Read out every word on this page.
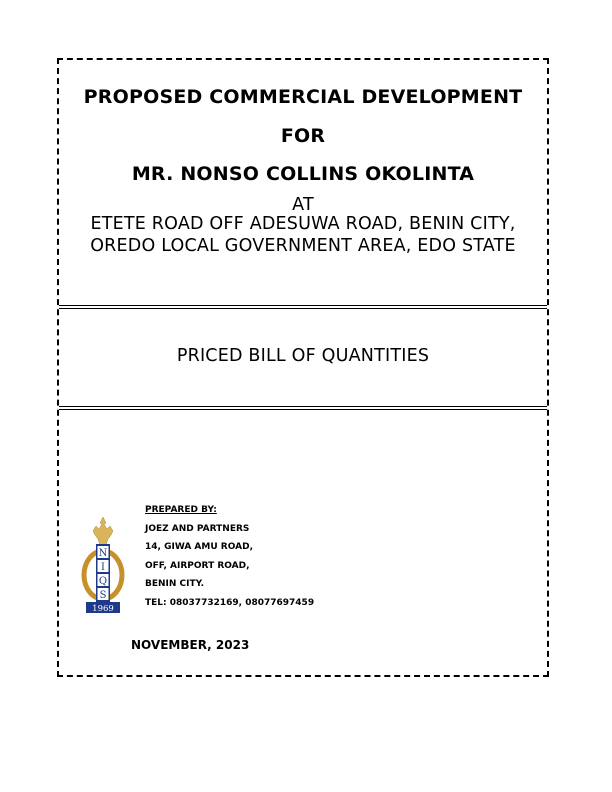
PROPOSED COMMERCIAL DEVELOPMENT
FOR
MR. NONSO COLLINS OKOLINTA
AT
ETETE ROAD OFF ADESUWA ROAD, BENIN CITY,
OREDO LOCAL GOVERNMENT AREA, EDO STATE
PRICED BILL OF QUANTITIES
N
I
Q
S
1969
PREPARED BY:
JOEZ AND PARTNERS
14, GIWA AMU ROAD,
OFF, AIRPORT ROAD,
BENIN CITY.
TEL: 08037732169, 08077697459
NOVEMBER, 2023
